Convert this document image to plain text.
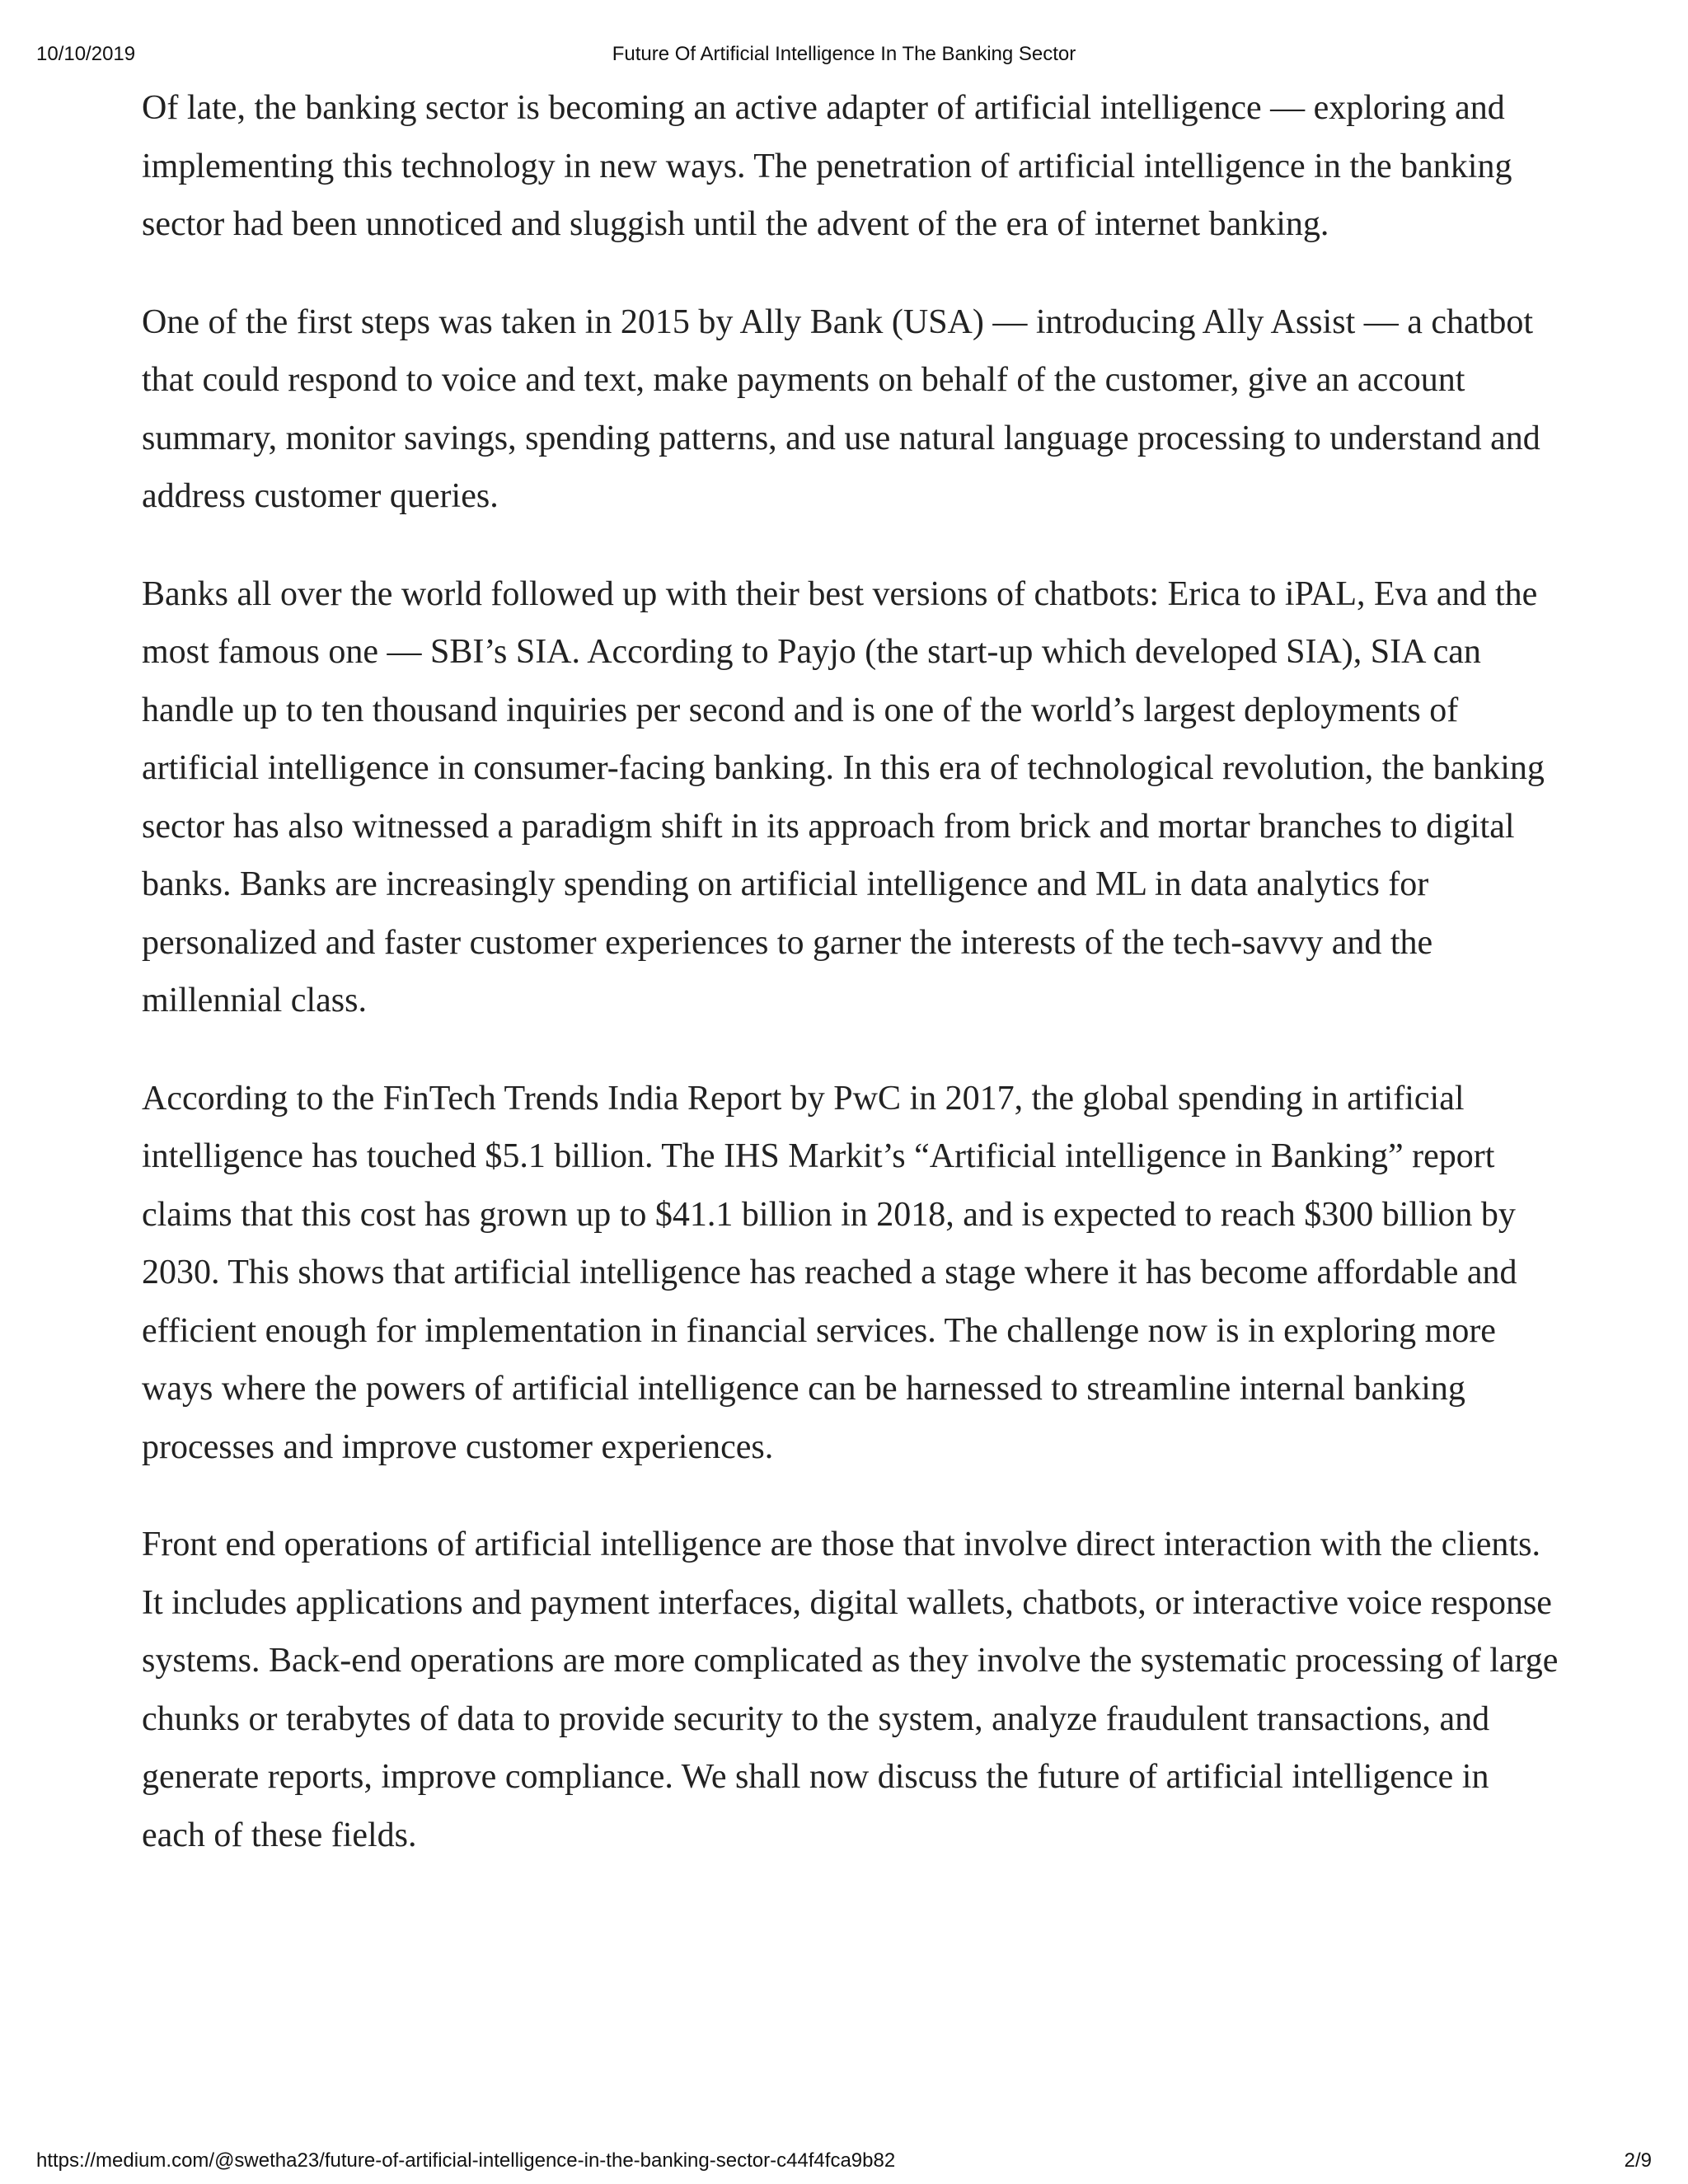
10/10/2019	Future Of Artificial Intelligence In The Banking Sector

Of late, the banking sector is becoming an active adapter of artificial intelligence — exploring and implementing this technology in new ways. The penetration of artificial intelligence in the banking sector had been unnoticed and sluggish until the advent of the era of internet banking.

One of the first steps was taken in 2015 by Ally Bank (USA) — introducing Ally Assist — a chatbot that could respond to voice and text, make payments on behalf of the customer, give an account summary, monitor savings, spending patterns, and use natural language processing to understand and address customer queries.

Banks all over the world followed up with their best versions of chatbots: Erica to iPAL, Eva and the most famous one — SBI’s SIA. According to Payjo (the start-up which developed SIA), SIA can handle up to ten thousand inquiries per second and is one of the world’s largest deployments of artificial intelligence in consumer-facing banking. In this era of technological revolution, the banking sector has also witnessed a paradigm shift in its approach from brick and mortar branches to digital banks. Banks are increasingly spending on artificial intelligence and ML in data analytics for personalized and faster customer experiences to garner the interests of the tech-savvy and the millennial class.

According to the FinTech Trends India Report by PwC in 2017, the global spending in artificial intelligence has touched $5.1 billion. The IHS Markit’s “Artificial intelligence in Banking” report claims that this cost has grown up to $41.1 billion in 2018, and is expected to reach $300 billion by 2030. This shows that artificial intelligence has reached a stage where it has become affordable and efficient enough for implementation in financial services. The challenge now is in exploring more ways where the powers of artificial intelligence can be harnessed to streamline internal banking processes and improve customer experiences.

Front end operations of artificial intelligence are those that involve direct interaction with the clients. It includes applications and payment interfaces, digital wallets, chatbots, or interactive voice response systems. Back-end operations are more complicated as they involve the systematic processing of large chunks or terabytes of data to provide security to the system, analyze fraudulent transactions, and generate reports, improve compliance. We shall now discuss the future of artificial intelligence in each of these fields.

https://medium.com/@swetha23/future-of-artificial-intelligence-in-the-banking-sector-c44f4fca9b82	2/9
